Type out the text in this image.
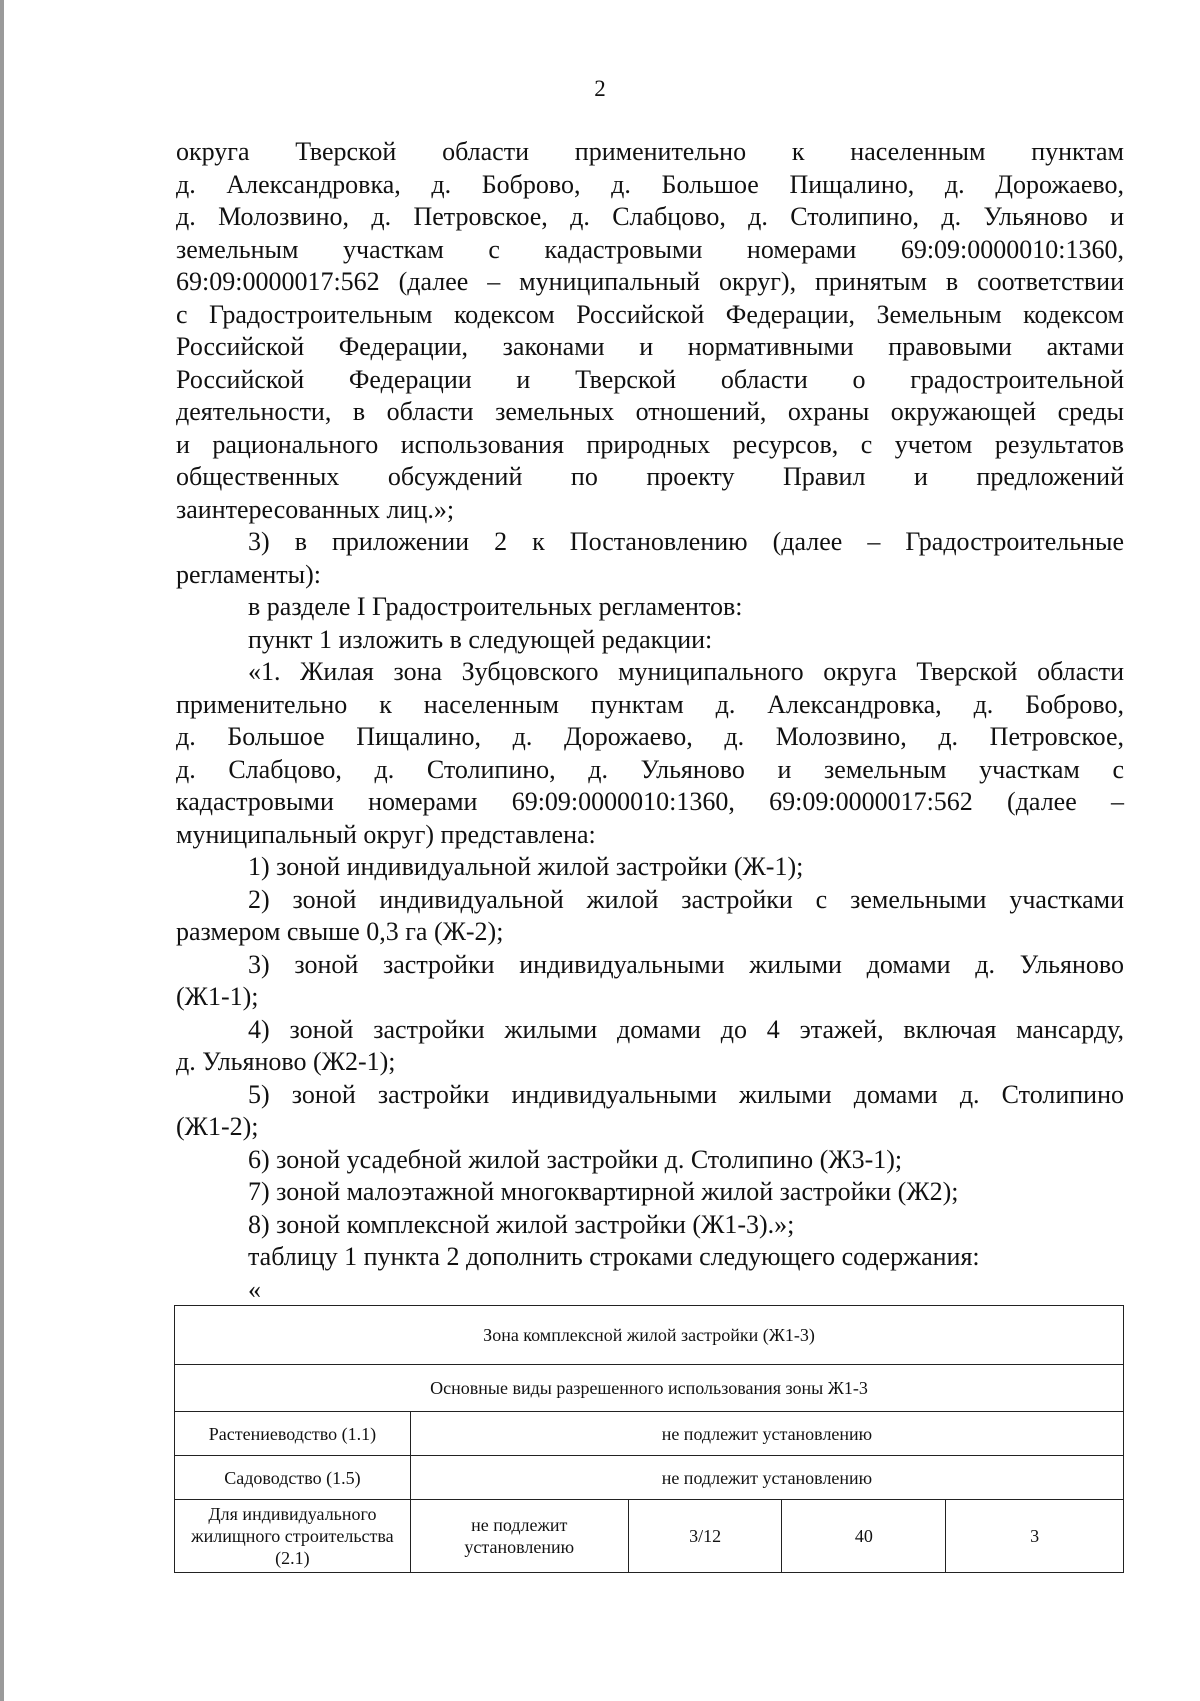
2

округа Тверской области применительно к населенным пунктам

д. Александровка, д. Боброво, д. Большое Пищалино, д. Дорожаево,

д. Молозвино, д. Петровское, д. Слабцово, д. Столипино, д. Ульяново и

земельным участкам с кадастровыми номерами 69:09:0000010:1360,

69:09:0000017:562 (далее – муниципальный округ), принятым в соответствии

с Градостроительным кодексом Российской Федерации, Земельным кодексом

Российской Федерации, законами и нормативными правовыми актами

Российской Федерации и Тверской области о градостроительной

деятельности, в области земельных отношений, охраны окружающей среды

и рационального использования природных ресурсов, с учетом результатов

общественных обсуждений по проекту Правил и предложений

заинтересованных лиц.»;

3) в приложении 2 к Постановлению (далее – Градостроительные

регламенты):

в разделе I Градостроительных регламентов:

пункт 1 изложить в следующей редакции:

«1. Жилая зона Зубцовского муниципального округа Тверской области

применительно к населенным пунктам д. Александровка, д. Боброво,

д. Большое Пищалино, д. Дорожаево, д. Молозвино, д. Петровское,

д. Слабцово, д. Столипино, д. Ульяново и земельным участкам с

кадастровыми номерами 69:09:0000010:1360, 69:09:0000017:562 (далее –

муниципальный округ) представлена:

1) зоной индивидуальной жилой застройки (Ж-1);

2) зоной индивидуальной жилой застройки с земельными участками

размером свыше 0,3 га (Ж-2);

3) зоной застройки индивидуальными жилыми домами д. Ульяново

(Ж1-1);

4) зоной застройки жилыми домами до 4 этажей, включая мансарду,

д. Ульяново (Ж2-1);

5) зоной застройки индивидуальными жилыми домами д. Столипино

(Ж1-2);

6) зоной усадебной жилой застройки д. Столипино (Ж3-1);

7) зоной малоэтажной многоквартирной жилой застройки (Ж2);

8) зоной комплексной жилой застройки (Ж1-3).»;

таблицу 1 пункта 2 дополнить строками следующего содержания:

«

Зона комплексной жилой застройки (Ж1-3)				
Основные виды разрешенного использования зоны Ж1-3				
Растениеводство (1.1)	не подлежит установлению			
Садоводство (1.5)	не подлежит установлению			
Для индивидуального жилищного строительства (2.1)	не подлежит установлению	3/12	40	3
